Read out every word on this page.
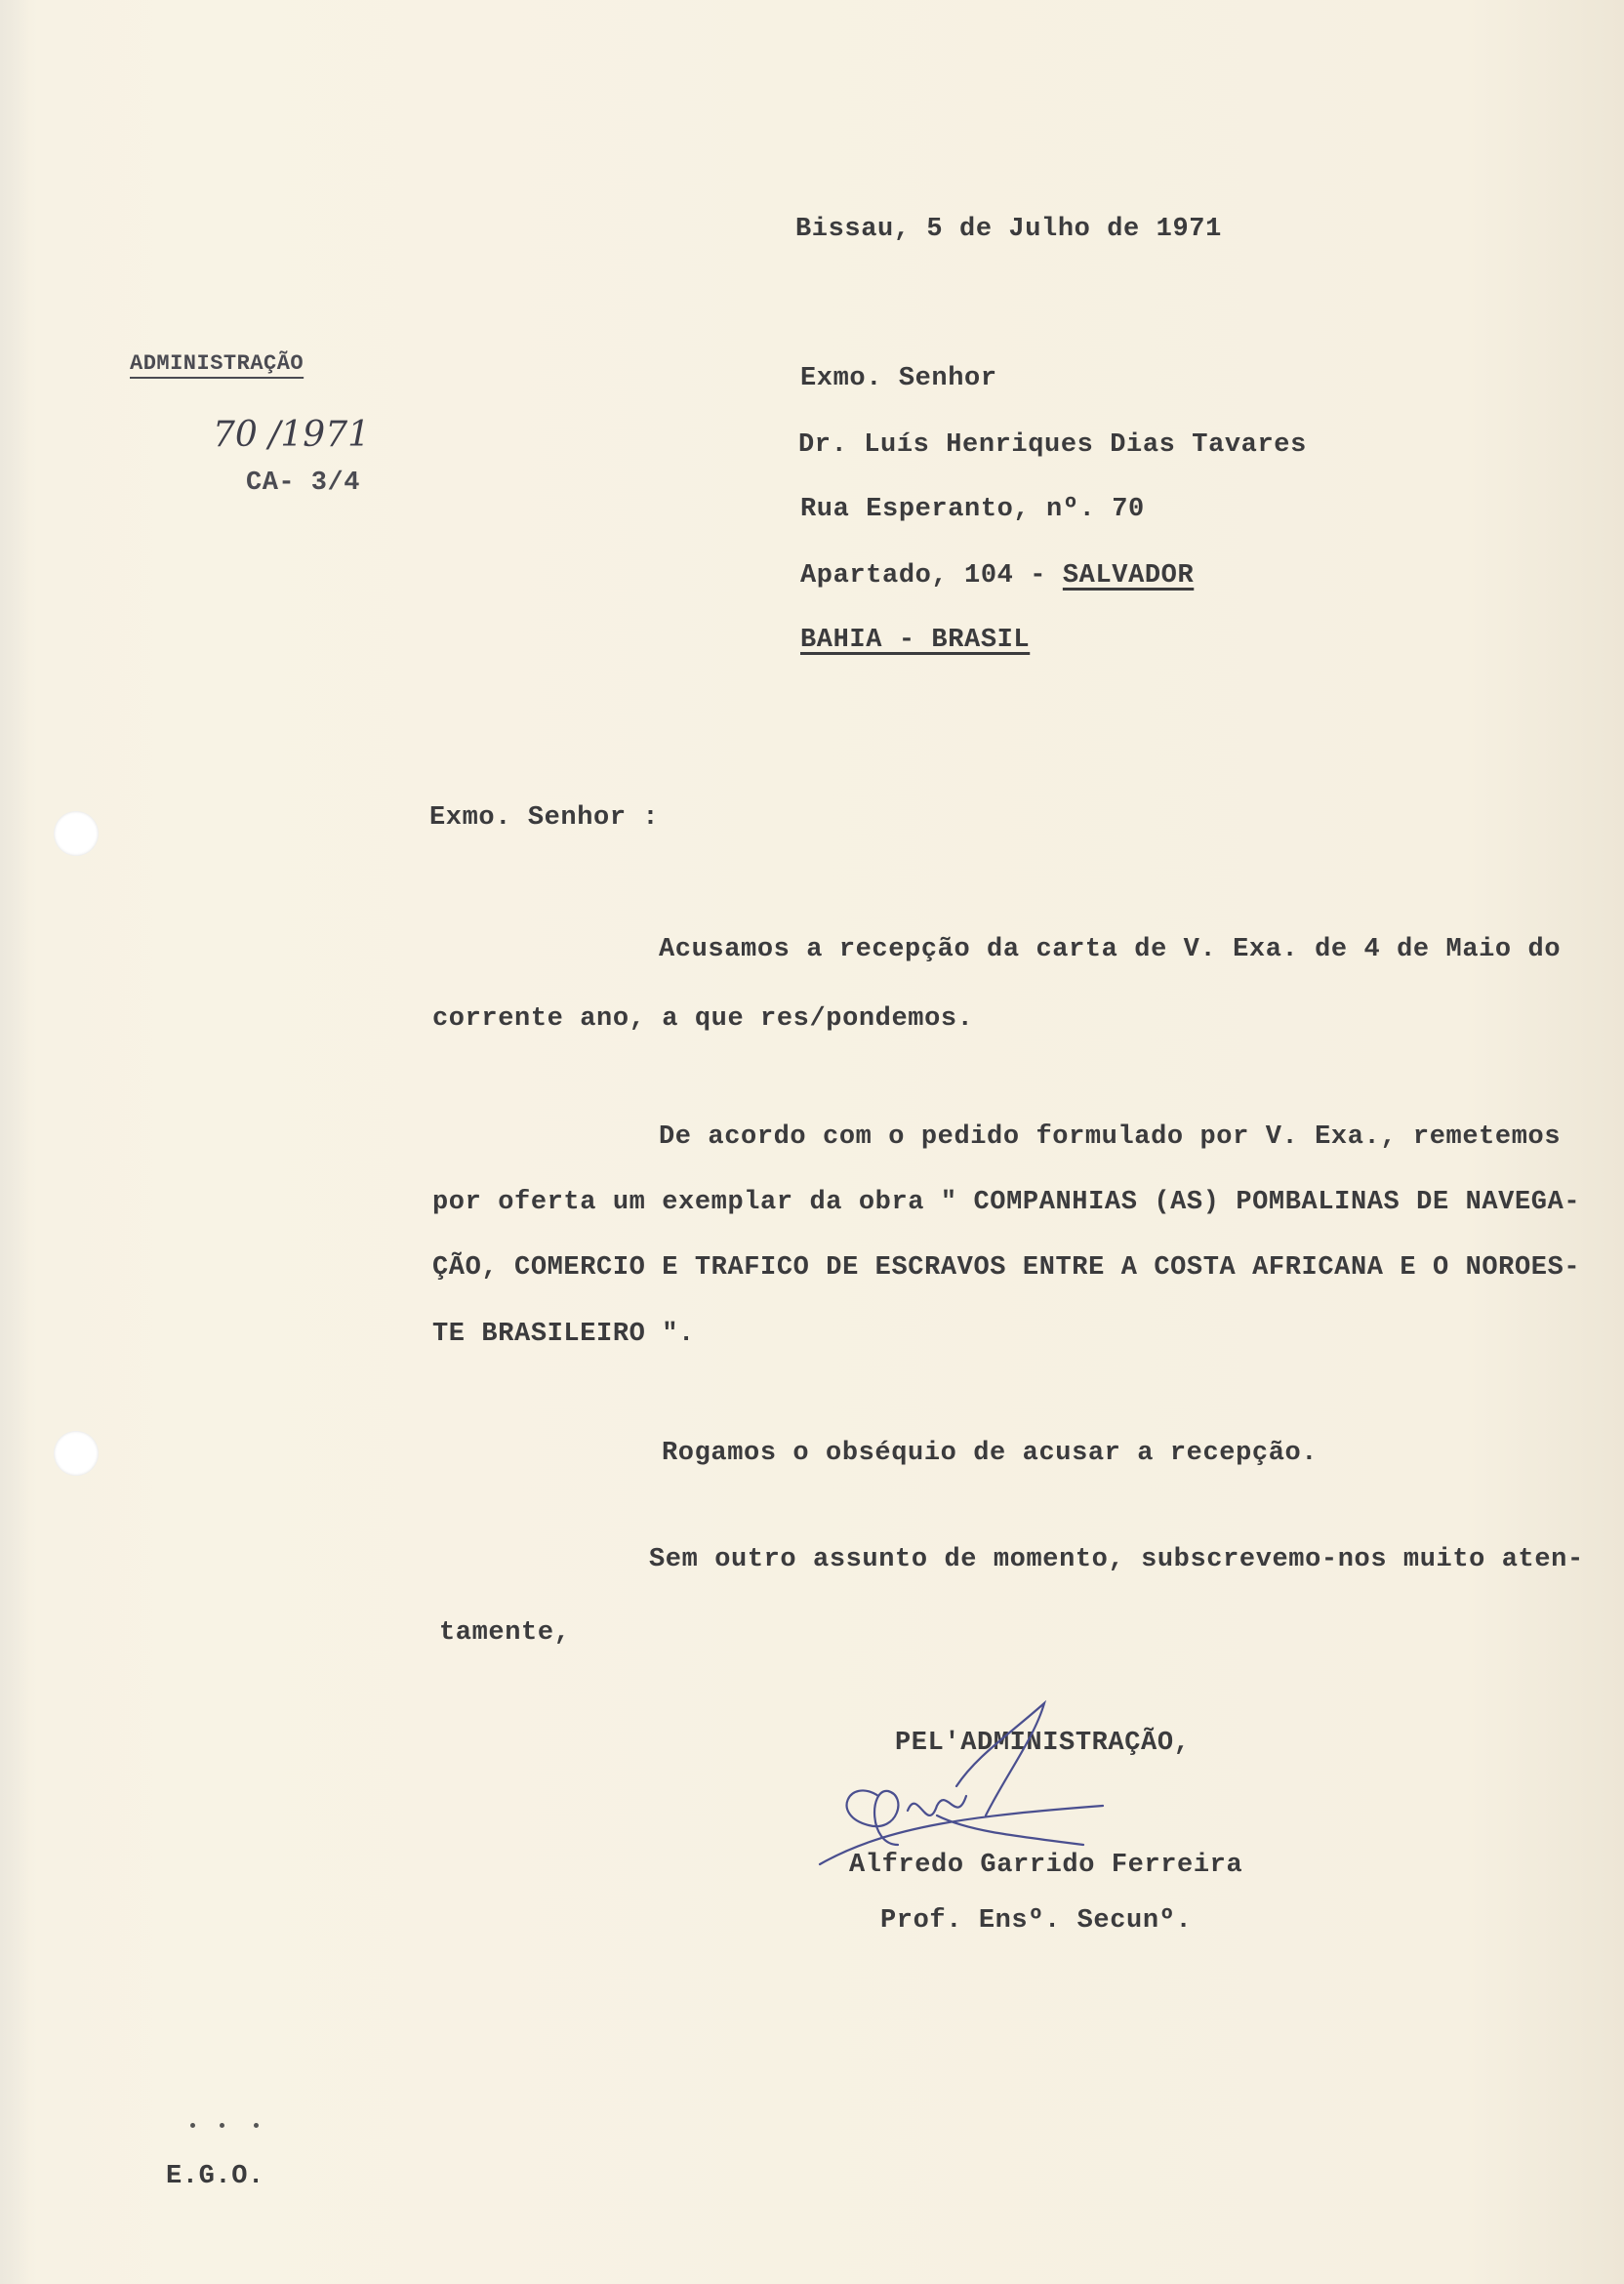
Bissau, 5 de Julho de 1971
ADMINISTRAÇÃO
70 /1971
CA- 3/4
Exmo. Senhor
Dr. Luís Henriques Dias Tavares
Rua Esperanto, nº. 70
Apartado, 104 - SALVADOR
BAHIA - BRASIL
Exmo. Senhor :
Acusamos a recepção da carta de V. Exa. de 4 de Maio do
corrente ano, a que res/pondemos.
De acordo com o pedido formulado por V. Exa., remetemos
por oferta um exemplar da obra " COMPANHIAS (AS) POMBALINAS DE NAVEGA-
ÇÃO, COMERCIO E TRAFICO DE ESCRAVOS ENTRE A COSTA AFRICANA E O NOROES-
TE BRASILEIRO ".
Rogamos o obséquio de acusar a recepção.
Sem outro assunto de momento, subscrevemo-nos muito aten-
tamente,
PEL'ADMINISTRAÇÃO,
Alfredo Garrido Ferreira
Prof. Ensº. Secunº.
E.G.O.
